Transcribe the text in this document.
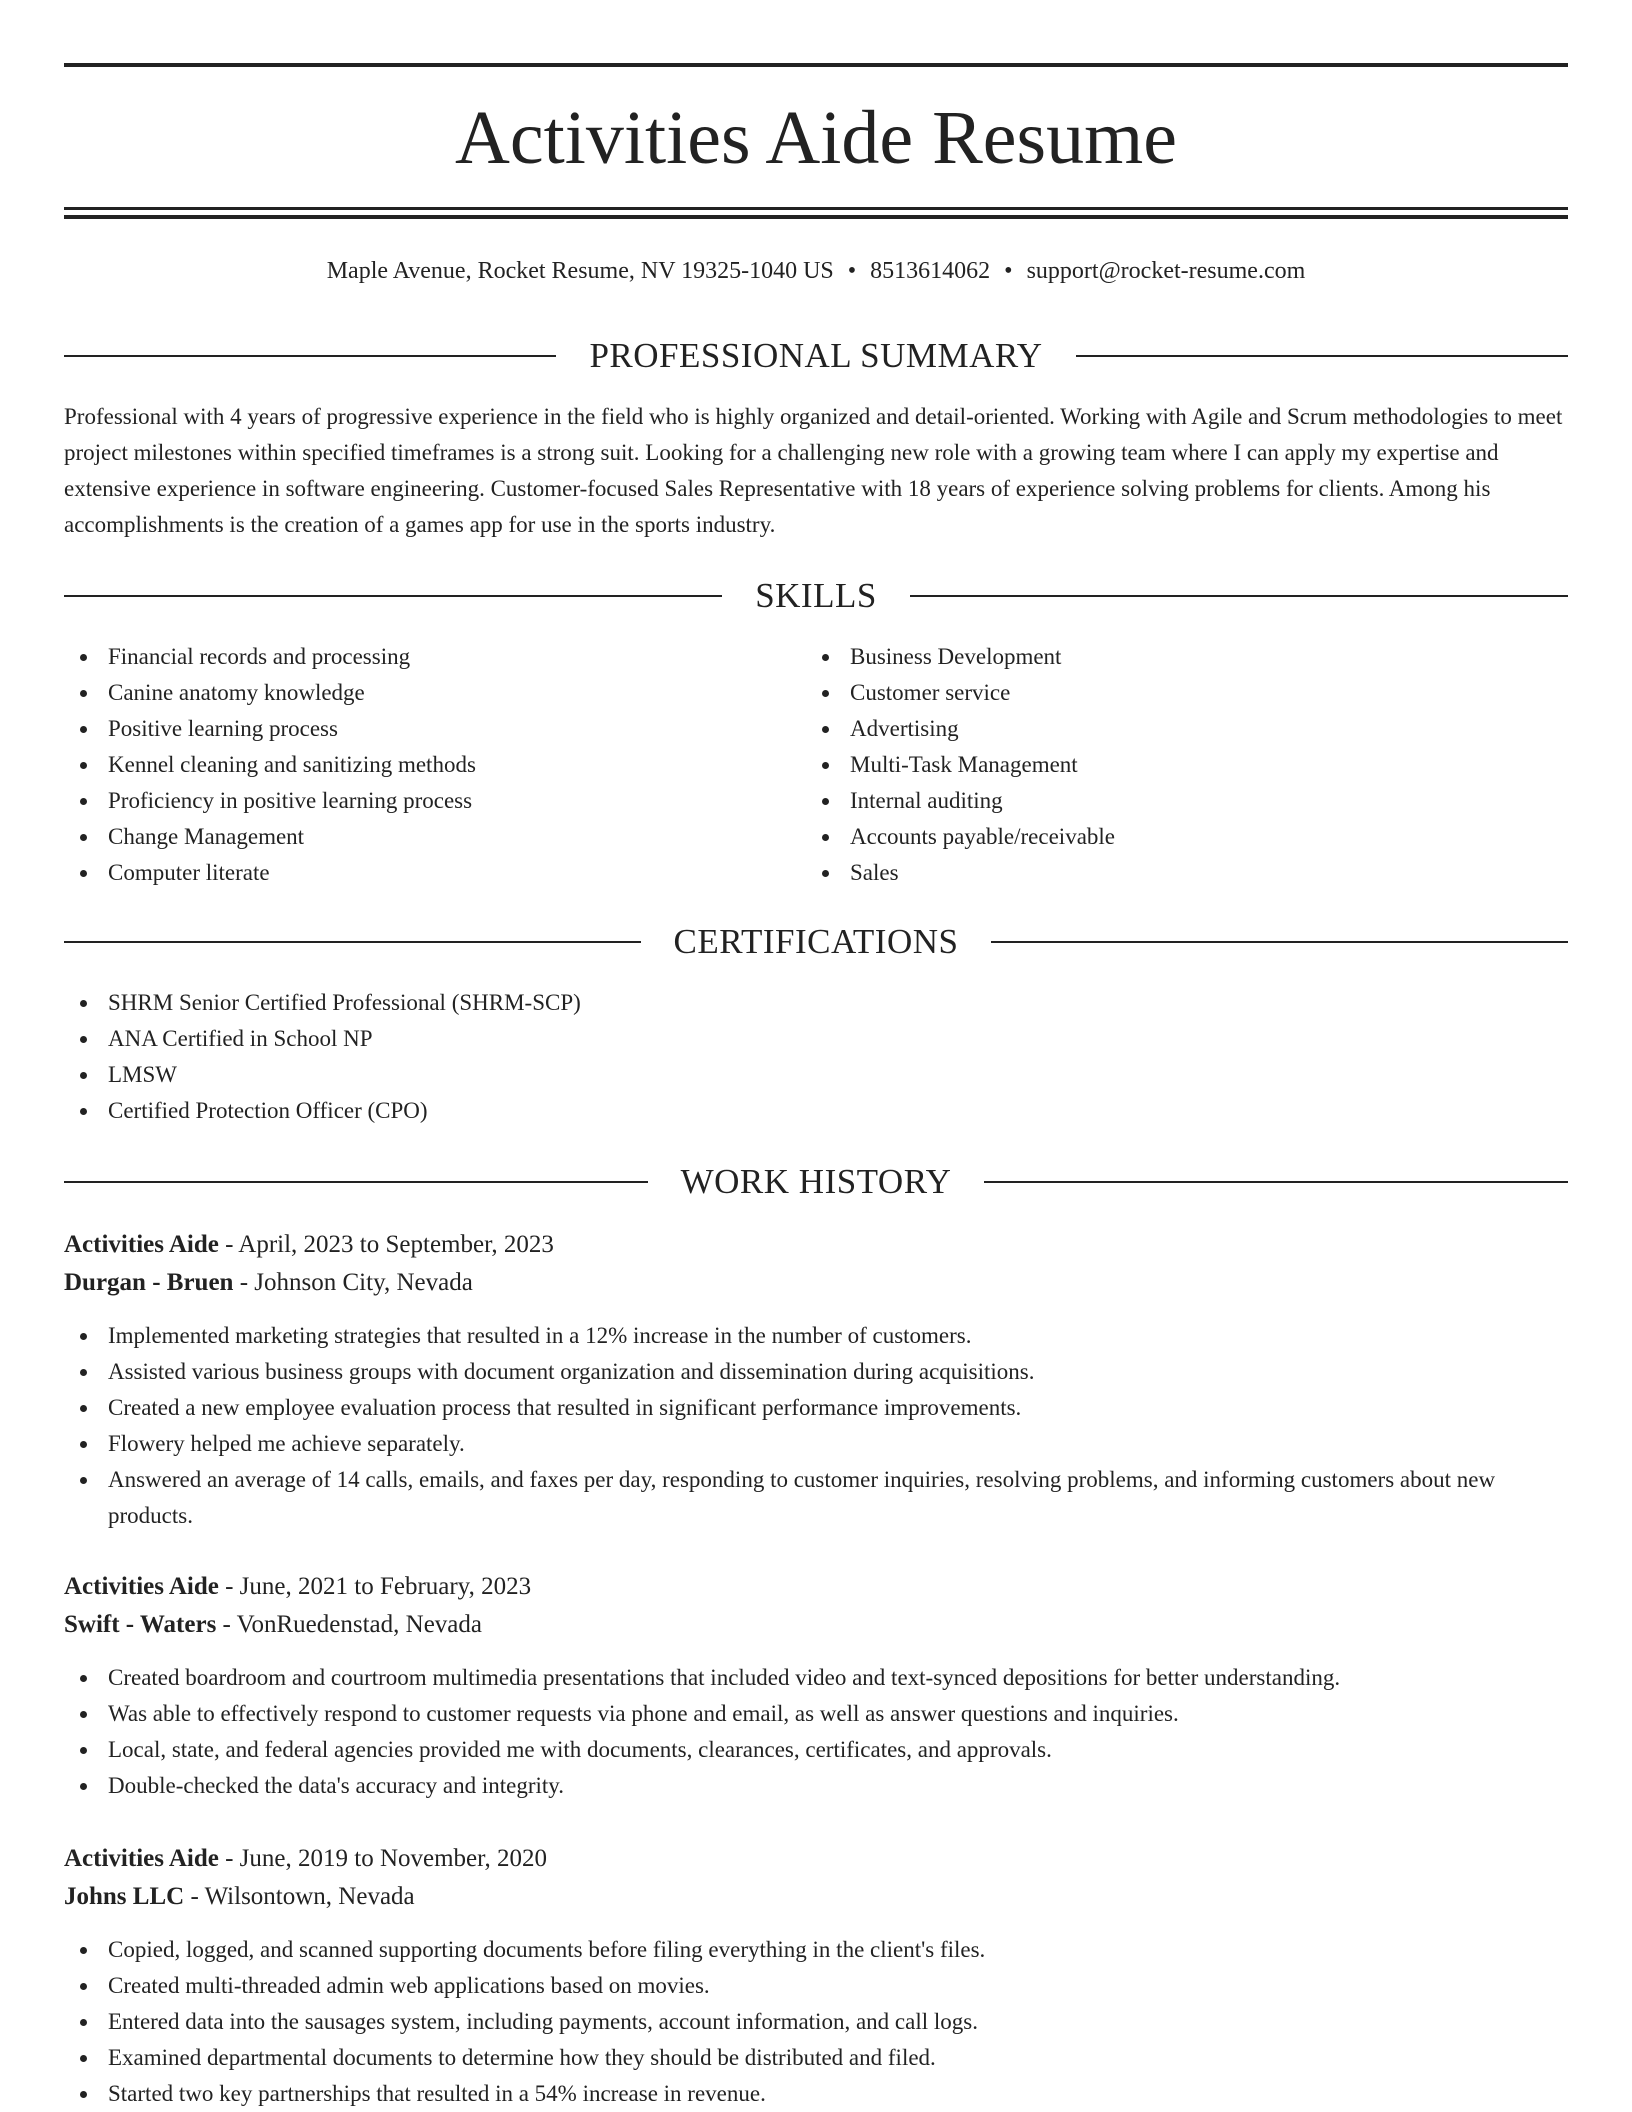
Activities Aide Resume
Maple Avenue, Rocket Resume, NV 19325-1040 US • 8513614062 • support@rocket-resume.com
PROFESSIONAL SUMMARY
Professional with 4 years of progressive experience in the field who is highly organized and detail-oriented. Working with Agile and Scrum methodologies to meet project milestones within specified timeframes is a strong suit. Looking for a challenging new role with a growing team where I can apply my expertise and extensive experience in software engineering. Customer-focused Sales Representative with 18 years of experience solving problems for clients. Among his accomplishments is the creation of a games app for use in the sports industry.
SKILLS
Financial records and processing
Canine anatomy knowledge
Positive learning process
Kennel cleaning and sanitizing methods
Proficiency in positive learning process
Change Management
Computer literate
Business Development
Customer service
Advertising
Multi-Task Management
Internal auditing
Accounts payable/receivable
Sales
CERTIFICATIONS
SHRM Senior Certified Professional (SHRM-SCP)
ANA Certified in School NP
LMSW
Certified Protection Officer (CPO)
WORK HISTORY
Activities Aide - April, 2023 to September, 2023
Durgan - Bruen - Johnson City, Nevada
Implemented marketing strategies that resulted in a 12% increase in the number of customers.
Assisted various business groups with document organization and dissemination during acquisitions.
Created a new employee evaluation process that resulted in significant performance improvements.
Flowery helped me achieve separately.
Answered an average of 14 calls, emails, and faxes per day, responding to customer inquiries, resolving problems, and informing customers about new products.
Activities Aide - June, 2021 to February, 2023
Swift - Waters - VonRuedenstad, Nevada
Created boardroom and courtroom multimedia presentations that included video and text-synced depositions for better understanding.
Was able to effectively respond to customer requests via phone and email, as well as answer questions and inquiries.
Local, state, and federal agencies provided me with documents, clearances, certificates, and approvals.
Double-checked the data's accuracy and integrity.
Activities Aide - June, 2019 to November, 2020
Johns LLC - Wilsontown, Nevada
Copied, logged, and scanned supporting documents before filing everything in the client's files.
Created multi-threaded admin web applications based on movies.
Entered data into the sausages system, including payments, account information, and call logs.
Examined departmental documents to determine how they should be distributed and filed.
Started two key partnerships that resulted in a 54% increase in revenue.
